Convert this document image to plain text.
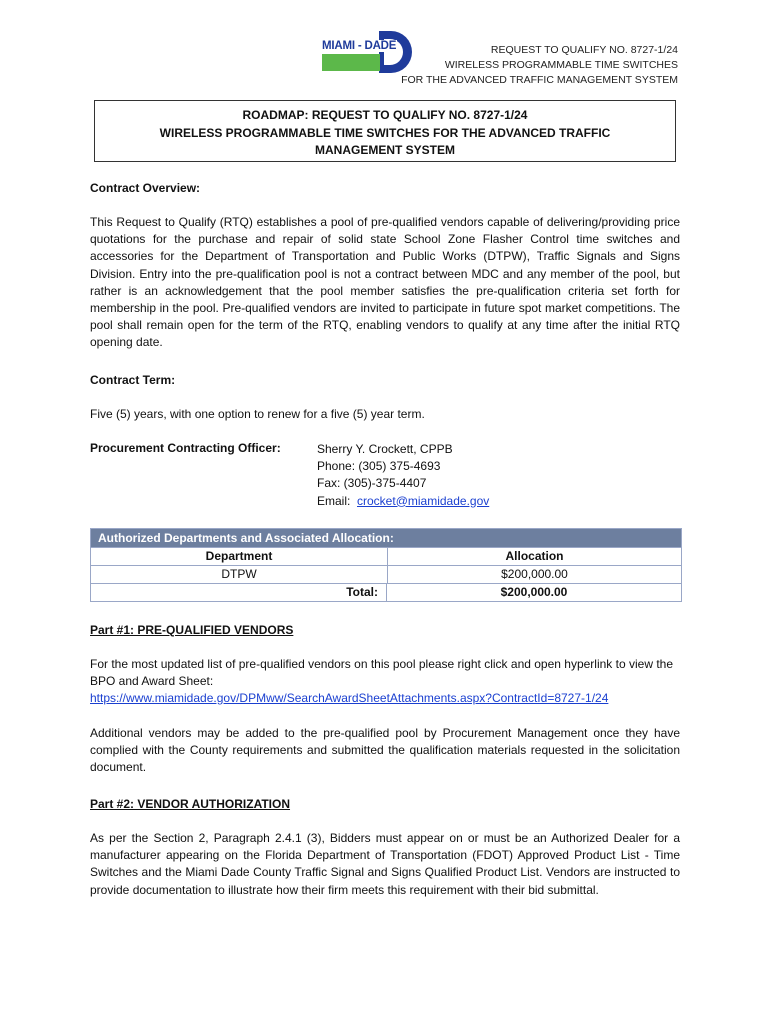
MIAMI - DADE	REQUEST TO QUALIFY NO. 8727-1/24
WIRELESS PROGRAMMABLE TIME SWITCHES
FOR THE ADVANCED TRAFFIC MANAGEMENT SYSTEM
ROADMAP: REQUEST TO QUALIFY NO. 8727-1/24
WIRELESS PROGRAMMABLE TIME SWITCHES FOR THE ADVANCED TRAFFIC
MANAGEMENT SYSTEM
Contract Overview:
This Request to Qualify (RTQ) establishes a pool of pre-qualified vendors capable of delivering/providing price quotations for the purchase and repair of solid state School Zone Flasher Control time switches and accessories for the Department of Transportation and Public Works (DTPW), Traffic Signals and Signs Division. Entry into the pre-qualification pool is not a contract between MDC and any member of the pool, but rather is an acknowledgement that the pool member satisfies the pre-qualification criteria set forth for membership in the pool. Pre-qualified vendors are invited to participate in future spot market competitions. The pool shall remain open for the term of the RTQ, enabling vendors to qualify at any time after the initial RTQ opening date.
Contract Term:
Five (5) years, with one option to renew for a five (5) year term.
Procurement Contracting Officer:	Sherry Y. Crockett, CPPB
Phone: (305) 375-4693
Fax: (305)-375-4407
Email:  crocket@miamidade.gov
Authorized Departments and Associated Allocation:
Department	Allocation
DTPW	$200,000.00
Total:	$200,000.00
Part #1: PRE-QUALIFIED VENDORS
For the most updated list of pre-qualified vendors on this pool please right click and open hyperlink to view the BPO and Award Sheet:
https://www.miamidade.gov/DPMww/SearchAwardSheetAttachments.aspx?ContractId=8727-1/24
Additional vendors may be added to the pre-qualified pool by Procurement Management once they have complied with the County requirements and submitted the qualification materials requested in the solicitation document.
Part #2: VENDOR AUTHORIZATION
As per the Section 2, Paragraph 2.4.1 (3), Bidders must appear on or must be an Authorized Dealer for a manufacturer appearing on the Florida Department of Transportation (FDOT) Approved Product List - Time Switches and the Miami Dade County Traffic Signal and Signs Qualified Product List. Vendors are instructed to provide documentation to illustrate how their firm meets this requirement with their bid submittal.
